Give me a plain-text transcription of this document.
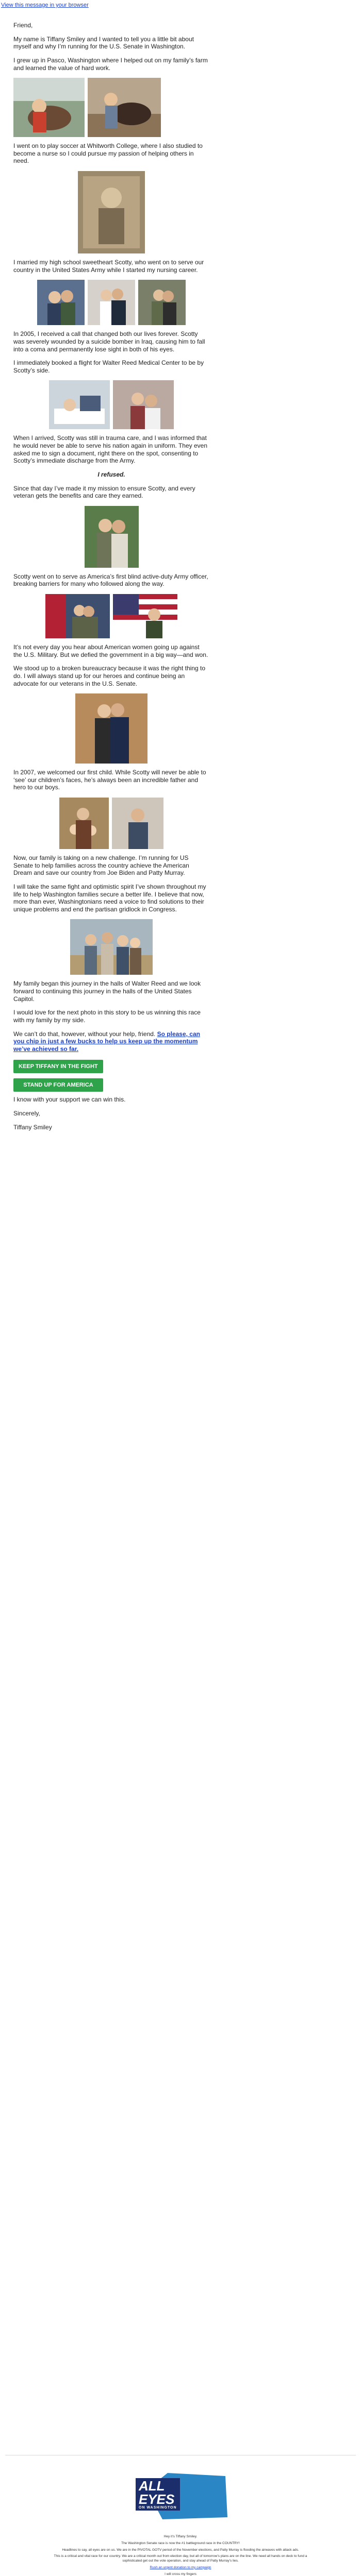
View this message in your browser

Friend,

My name is Tiffany Smiley and I wanted to tell you a little bit about myself and why I’m running for the U.S. Senate in Washington.

I grew up in Pasco, Washington where I helped out on my family’s farm and learned the value of hard work.

I went on to play soccer at Whitworth College, where I also studied to become a nurse so I could pursue my passion of helping others in need.

I married my high school sweetheart Scotty, who went on to serve our country in the United States Army while I started my nursing career.

In 2005, I received a call that changed both our lives forever. Scotty was severely wounded by a suicide bomber in Iraq, causing him to fall into a coma and permanently lose sight in both of his eyes.

I immediately booked a flight for Walter Reed Medical Center to be by Scotty’s side.

When I arrived, Scotty was still in trauma care, and I was informed that he would never be able to serve his nation again in uniform. They even asked me to sign a document, right there on the spot, consenting to Scotty’s immediate discharge from the Army.

I refused.

Since that day I’ve made it my mission to ensure Scotty, and every veteran gets the benefits and care they earned.

Scotty went on to serve as America’s first blind active-duty Army officer, breaking barriers for many who followed along the way.

It’s not every day you hear about American women going up against the U.S. Military. But we defied the government in a big way—and won.

We stood up to a broken bureaucracy because it was the right thing to do. I will always stand up for our heroes and continue being an advocate for our veterans in the U.S. Senate.

In 2007, we welcomed our first child. While Scotty will never be able to ‘see’ our children’s faces, he’s always been an incredible father and hero to our boys.

Now, our family is taking on a new challenge. I’m running for US Senate to help families across the country achieve the American Dream and save our country from Joe Biden and Patty Murray.

I will take the same fight and optimistic spirit I’ve shown throughout my life to help Washington families secure a better life. I believe that now, more than ever, Washingtonians need a voice to find solutions to their unique problems and end the partisan gridlock in Congress.

My family began this journey in the halls of Walter Reed and we look forward to continuing this journey in the halls of the United States Capitol.

I would love for the next photo in this story to be us winning this race with my family by my side.

We can’t do that, however, without your help, friend. So please, can you chip in just a few bucks to help us keep up the momentum we’ve achieved so far.

KEEP TIFFANY IN THE FIGHT
STAND UP FOR AMERICA

I know with your support we can win this.

Sincerely,

Tiffany Smiley

ALL
EYES
ON WASHINGTON
Hey it’s Tiffany Smiley.
The Washington Senate race is now the #1 battleground race in the COUNTRY!
Headlines to say, all eyes are on us. We are in the PIVOTAL GOTV period of the November elections, and Patty Murray is flooding the airwaves with attack ads.
This is a critical and vital race for our country. We are a critical month out from election day, but all of tomorrow’s plans are on the line. We need all hands on deck to fund a sophisticated get out the vote operation, and stay ahead of Patty Murray’s lies.
Rush an urgent donation to my campaign
I will cross my fingers
